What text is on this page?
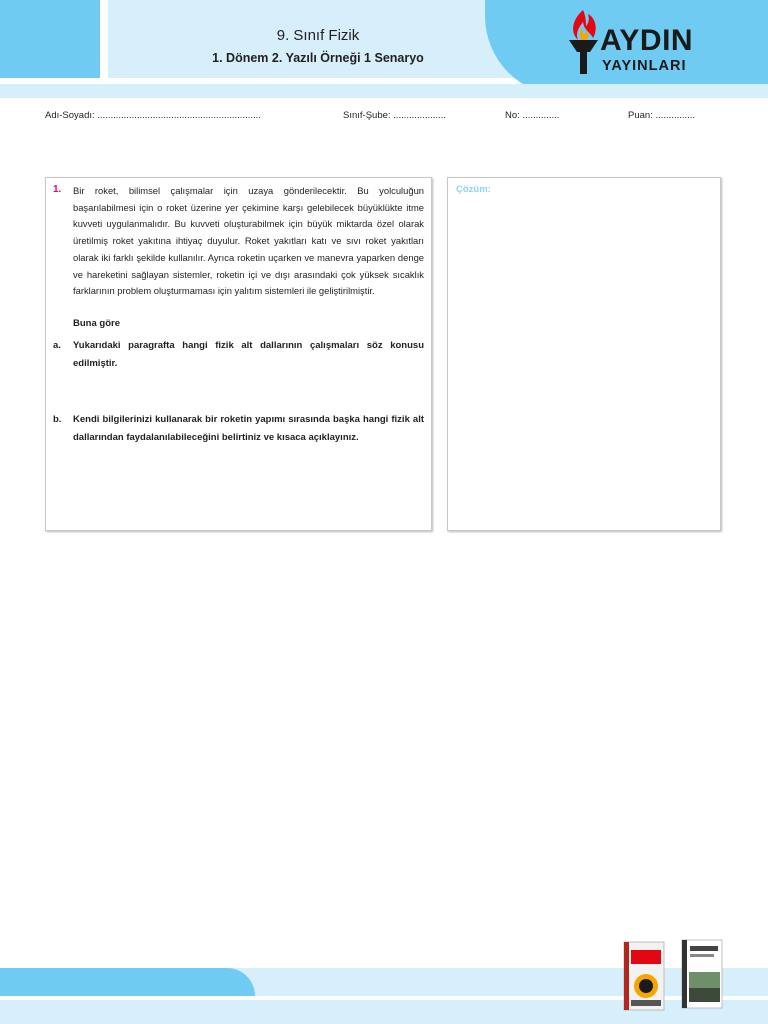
9. Sınıf Fizik
1. Dönem 2. Yazılı Örneği 1 Senaryo
AYDIN
YAYINLARI
Adı-Soyadı: ..............................................................	Sınıf-Şube: ....................	No: ..............	Puan: ...............
1. Bir roket, bilimsel çalışmalar için uzaya gönderilecektir. Bu yolculuğun başarılabilmesi için o roket üzerine yer çekimine karşı gelebilecek büyüklükte itme kuvveti uygulanmalıdır. Bu kuvveti oluşturabilmek için büyük miktarda özel olarak üretilmiş roket yakıtına ihtiyaç duyulur. Roket yakıtları katı ve sıvı roket yakıtları olarak iki farklı şekilde kullanılır. Ayrıca roketin uçarken ve manevra yaparken denge ve hareketini sağlayan sistemler, roketin içi ve dışı arasındaki çok yüksek sıcaklık farklarının problem oluşturmaması için yalıtım sistemleri ile geliştirilmiştir.

Buna göre
a. Yukarıdaki paragrafta hangi fizik alt dallarının çalışmaları söz konusu edilmiştir.

b. Kendi bilgilerinizi kullanarak bir roketin yapımı sırasında başka hangi fizik alt dallarından faydalanılabileceğini belirtiniz ve kısaca açıklayınız.

Çözüm:
